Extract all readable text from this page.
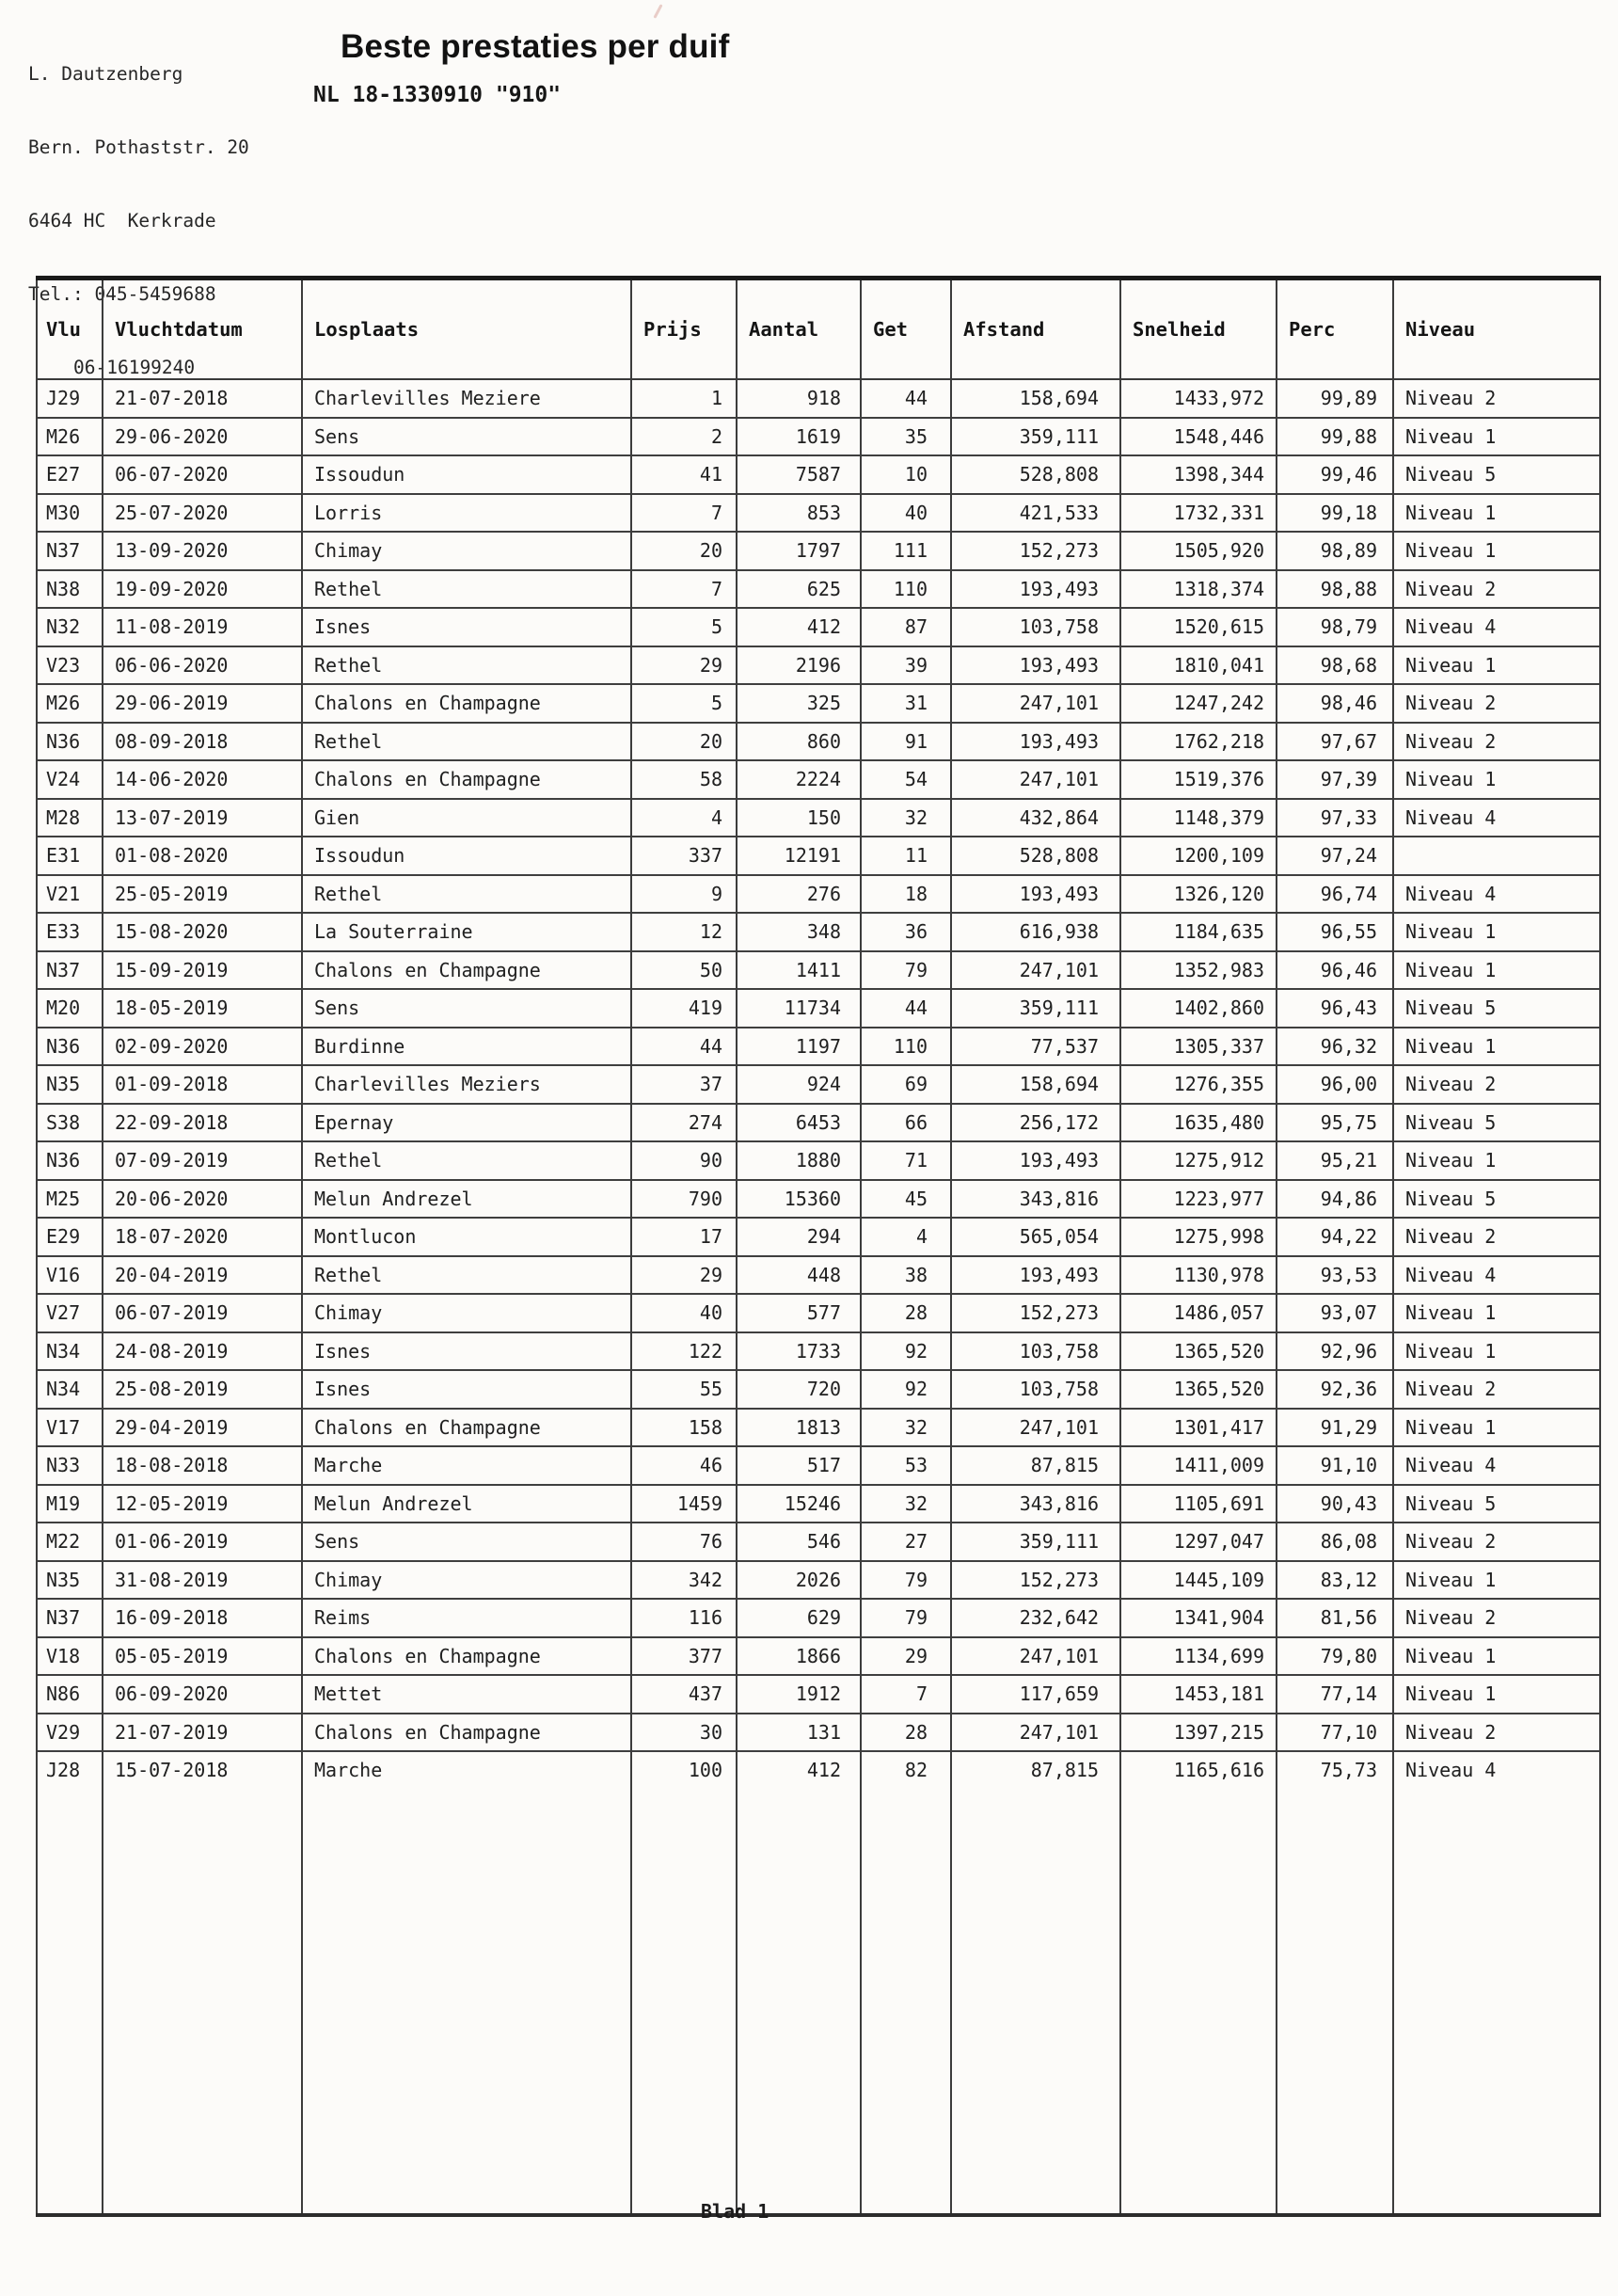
L. Dautzenberg

Bern. Pothaststr. 20

6464 HC  Kerkrade

Tel.: 045-5459688

06-16199240

Beste prestaties per duif
NL 18-1330910 "910"
Vlu	Vluchtdatum	Losplaats	Prijs	Aantal	Get	Afstand	Snelheid	Perc	Niveau
J29	21-07-2018	Charlevilles Meziere	1	918	44	158,694	1433,972	99,89	Niveau 2
M26	29-06-2020	Sens	2	1619	35	359,111	1548,446	99,88	Niveau 1
E27	06-07-2020	Issoudun	41	7587	10	528,808	1398,344	99,46	Niveau 5
M30	25-07-2020	Lorris	7	853	40	421,533	1732,331	99,18	Niveau 1
N37	13-09-2020	Chimay	20	1797	111	152,273	1505,920	98,89	Niveau 1
N38	19-09-2020	Rethel	7	625	110	193,493	1318,374	98,88	Niveau 2
N32	11-08-2019	Isnes	5	412	87	103,758	1520,615	98,79	Niveau 4
V23	06-06-2020	Rethel	29	2196	39	193,493	1810,041	98,68	Niveau 1
M26	29-06-2019	Chalons en Champagne	5	325	31	247,101	1247,242	98,46	Niveau 2
N36	08-09-2018	Rethel	20	860	91	193,493	1762,218	97,67	Niveau 2
V24	14-06-2020	Chalons en Champagne	58	2224	54	247,101	1519,376	97,39	Niveau 1
M28	13-07-2019	Gien	4	150	32	432,864	1148,379	97,33	Niveau 4
E31	01-08-2020	Issoudun	337	12191	11	528,808	1200,109	97,24	
V21	25-05-2019	Rethel	9	276	18	193,493	1326,120	96,74	Niveau 4
E33	15-08-2020	La Souterraine	12	348	36	616,938	1184,635	96,55	Niveau 1
N37	15-09-2019	Chalons en Champagne	50	1411	79	247,101	1352,983	96,46	Niveau 1
M20	18-05-2019	Sens	419	11734	44	359,111	1402,860	96,43	Niveau 5
N36	02-09-2020	Burdinne	44	1197	110	77,537	1305,337	96,32	Niveau 1
N35	01-09-2018	Charlevilles Meziers	37	924	69	158,694	1276,355	96,00	Niveau 2
S38	22-09-2018	Epernay	274	6453	66	256,172	1635,480	95,75	Niveau 5
N36	07-09-2019	Rethel	90	1880	71	193,493	1275,912	95,21	Niveau 1
M25	20-06-2020	Melun Andrezel	790	15360	45	343,816	1223,977	94,86	Niveau 5
E29	18-07-2020	Montlucon	17	294	4	565,054	1275,998	94,22	Niveau 2
V16	20-04-2019	Rethel	29	448	38	193,493	1130,978	93,53	Niveau 4
V27	06-07-2019	Chimay	40	577	28	152,273	1486,057	93,07	Niveau 1
N34	24-08-2019	Isnes	122	1733	92	103,758	1365,520	92,96	Niveau 1
N34	25-08-2019	Isnes	55	720	92	103,758	1365,520	92,36	Niveau 2
V17	29-04-2019	Chalons en Champagne	158	1813	32	247,101	1301,417	91,29	Niveau 1
N33	18-08-2018	Marche	46	517	53	87,815	1411,009	91,10	Niveau 4
M19	12-05-2019	Melun Andrezel	1459	15246	32	343,816	1105,691	90,43	Niveau 5
M22	01-06-2019	Sens	76	546	27	359,111	1297,047	86,08	Niveau 2
N35	31-08-2019	Chimay	342	2026	79	152,273	1445,109	83,12	Niveau 1
N37	16-09-2018	Reims	116	629	79	232,642	1341,904	81,56	Niveau 2
V18	05-05-2019	Chalons en Champagne	377	1866	29	247,101	1134,699	79,80	Niveau 1
N86	06-09-2020	Mettet	437	1912	7	117,659	1453,181	77,14	Niveau 1
V29	21-07-2019	Chalons en Champagne	30	131	28	247,101	1397,215	77,10	Niveau 2
J28	15-07-2018	Marche	100	412	82	87,815	1165,616	75,73	Niveau 4

Blad 1
